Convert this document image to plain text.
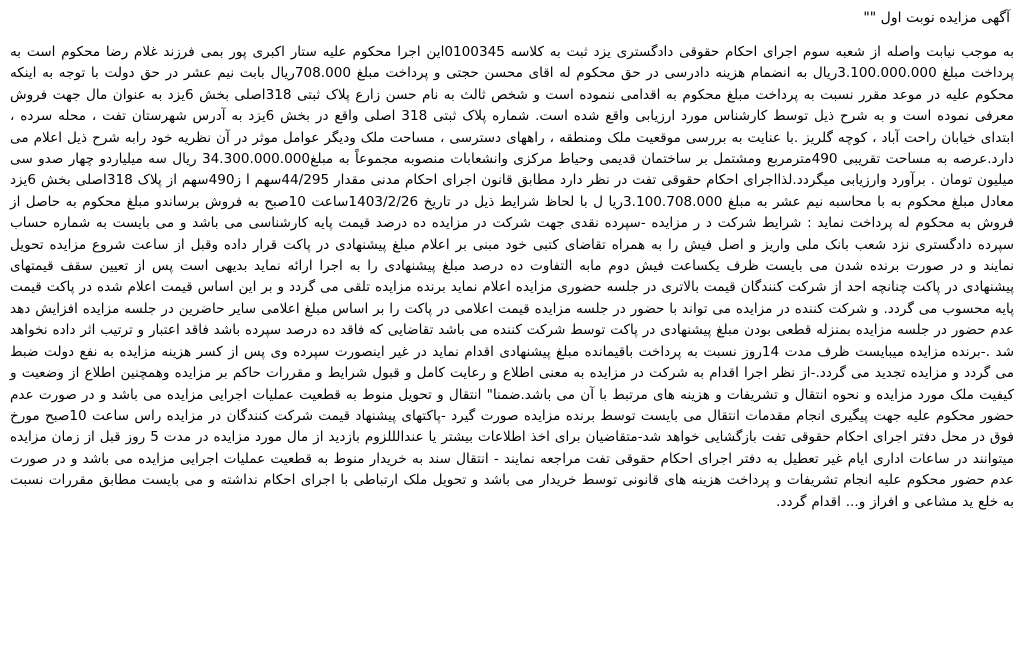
آگهی مزایده نوبت اول ""

به موجب نیابت واصله از شعبه سوم اجرای احکام حقوقی دادگستری یزد ثبت به کلاسه 0100345این اجرا محکوم علیه ستار اکبری پور بمی فرزند غلام رضا محکوم است به پرداخت مبلغ 3.100.000.000ریال به انضمام هزینه دادرسی در حق محکوم له اقای محسن حجتی و پرداخت مبلغ 708.000ریال بابت نیم عشر در حق دولت با توجه به اینکه محکوم علیه در موعد مقرر نسبت به پرداخت مبلغ محکوم به اقدامی ننموده است و شخص ثالث به نام حسن زارع پلاک ثبتی 318اصلی بخش 6یزد به عنوان مال جهت فروش معرفی نموده است و به شرح ذیل توسط کارشناس مورد ارزیابی واقع شده است. شماره پلاک ثبتی 318 اصلی واقع در بخش 6یزد به آدرس شهرستان تفت ، محله سرده ، ابتدای خیابان راحت آباد ، کوچه گلریز .با عنایت به بررسی موقعیت ملک ومنطقه ، راههای دسترسی ، مساحت ملک ودیگر عوامل موثر در آن نظریه خود رابه شرح ذیل اعلام می دارد.عرصه به مساحت تقریبی 490مترمربع ومشتمل بر ساختمان قدیمی وحیاط مرکزی وانشعابات منصوبه مجموعاً به مبلغ34.300.000.000 ریال سه میلیاردو چهار صدو سی میلیون تومان . برآورد وارزیابی میگردد.لذااجرای احکام حقوقی تفت در نظر دارد مطابق قانون اجرای احکام مدنی مقدار 44/295سهم ا ز490سهم از پلاک 318اصلی بخش 6یزد معادل مبلغ محکوم به با محاسبه نیم عشر به مبلغ 3.100.708.000ریا ل با لحاظ شرایط ذیل در تاریخ 1403/2/26ساعت 10صبح به فروش برساندو مبلغ محکوم به حاصل از فروش به محکوم له پرداخت نماید : شرایط شرکت د ر مزایده -سپرده نقدی جهت شرکت در مزایده ده درصد قیمت پایه کارشناسی می باشد و می بایست به شماره حساب سپرده دادگستری نزد شعب بانک ملی واریز و اصل فیش را به همراه تقاضای کتبی خود مبنی بر اعلام مبلغ پیشنهادی در پاکت قرار داده وقبل از ساعت شروع مزایده تحویل نمایند و در صورت برنده شدن می بایست ظرف یکساعت فیش دوم مابه التفاوت ده درصد مبلغ پیشنهادی را به اجرا ارائه نماید بدیهی است پس از تعیین سقف قیمتهای پیشنهادی در پاکت چنانچه احد از شرکت کنندگان قیمت بالاتری در جلسه حضوری مزایده اعلام نماید برنده مزایده تلقی می گردد و بر این اساس قیمت اعلام شده در پاکت قیمت پایه محسوب می گردد. و شرکت کننده در مزایده می تواند با حضور در جلسه مزایده قیمت اعلامی در پاکت را بر اساس مبلغ اعلامی سایر حاضرین در جلسه مزایده افزایش دهد عدم حضور در جلسه مزایده بمنزله قطعی بودن مبلغ پیشنهادی در پاکت توسط شرکت کننده می باشد تقاضایی که فاقد ده درصد سپرده باشد فاقد اعتبار و ترتیب اثر داده نخواهد شد .-برنده مزایده میبایست ظرف مدت 14روز نسبت به پرداخت باقیمانده مبلغ پیشنهادی اقدام نماید در غیر اینصورت سپرده وی پس از کسر هزینه مزایده به نفع دولت ضبط می گردد و مزایده تجدید می گردد.-از نظر اجرا اقدام به شرکت در مزایده به معنی اطلاع و رعایت کامل و قبول شرایط و مقررات حاکم بر مزایده وهمچنین اطلاع از وضعیت و کیفیت ملک مورد مزایده و نحوه انتقال و تشریفات و هزینه های مرتبط با آن می باشد.ضمنا" انتقال و تحویل منوط به قطعیت عملیات اجرایی مزایده می باشد و در صورت عدم حضور محکوم علیه جهت پیگیری انجام مقدمات انتقال می بایست توسط برنده مزایده صورت گیرد -پاکتهای پیشنهاد قیمت شرکت کنندگان در مزایده راس ساعت 10صبح مورخ فوق در محل دفتر اجرای احکام حقوقی تفت بازگشایی خواهد شد-متقاضیان برای اخذ اطلاعات بیشتر یا عندالللزوم بازدید از مال مورد مزایده در مدت 5 روز قبل از زمان مزایده میتوانند در ساعات اداری ایام غیر تعطیل به دفتر اجرای احکام حقوقی تفت مراجعه نمایند - انتقال سند به خریدار منوط به قطعیت عملیات اجرایی مزایده می باشد و در صورت عدم حضور محکوم علیه انجام تشریفات و پرداخت هزینه های قانونی توسط خریدار می باشد و تحویل ملک ارتباطی با اجرای احکام نداشته و می بایست مطابق مقررات نسبت به خلع ید مشاعی و افراز و... اقدام گردد.
